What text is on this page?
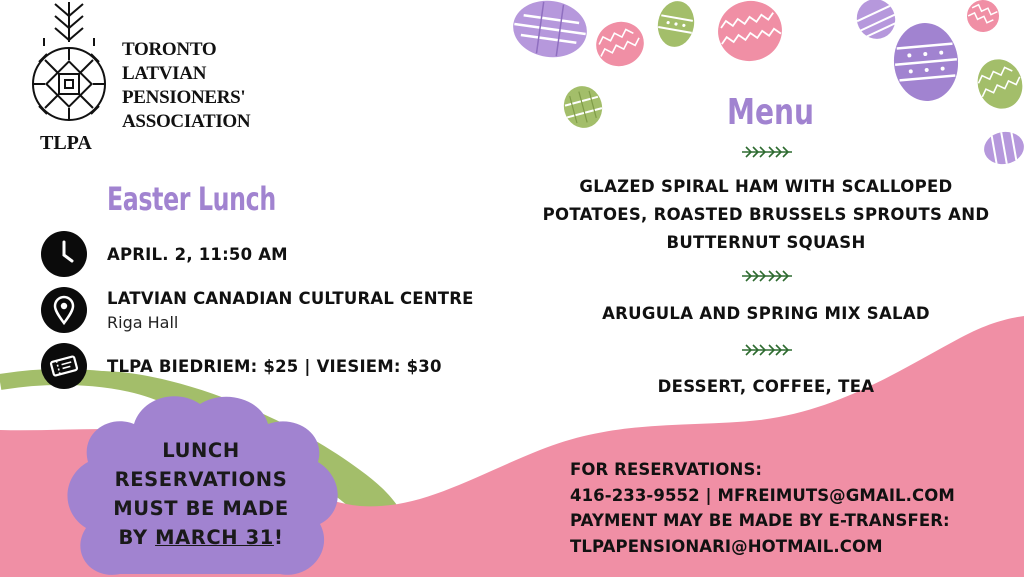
TORONTO
LATVIAN
PENSIONERS'
ASSOCIATION
TLPA
Easter Lunch
APRIL. 2, 11:50 AM
LATVIAN CANADIAN CULTURAL CENTRE
Riga Hall
TLPA BIEDRIEM: $25 | VIESIEM: $30
Menu
GLAZED SPIRAL HAM WITH SCALLOPED POTATOES, ROASTED BRUSSELS SPROUTS AND BUTTERNUT SQUASH
ARUGULA AND SPRING MIX SALAD
DESSERT, COFFEE, TEA
LUNCH
RESERVATIONS
MUST BE MADE
BY MARCH 31!
FOR RESERVATIONS:
416-233-9552 | MFREIMUTS@GMAIL.COM
PAYMENT MAY BE MADE BY E-TRANSFER:
TLPAPENSIONARI@HOTMAIL.COM
